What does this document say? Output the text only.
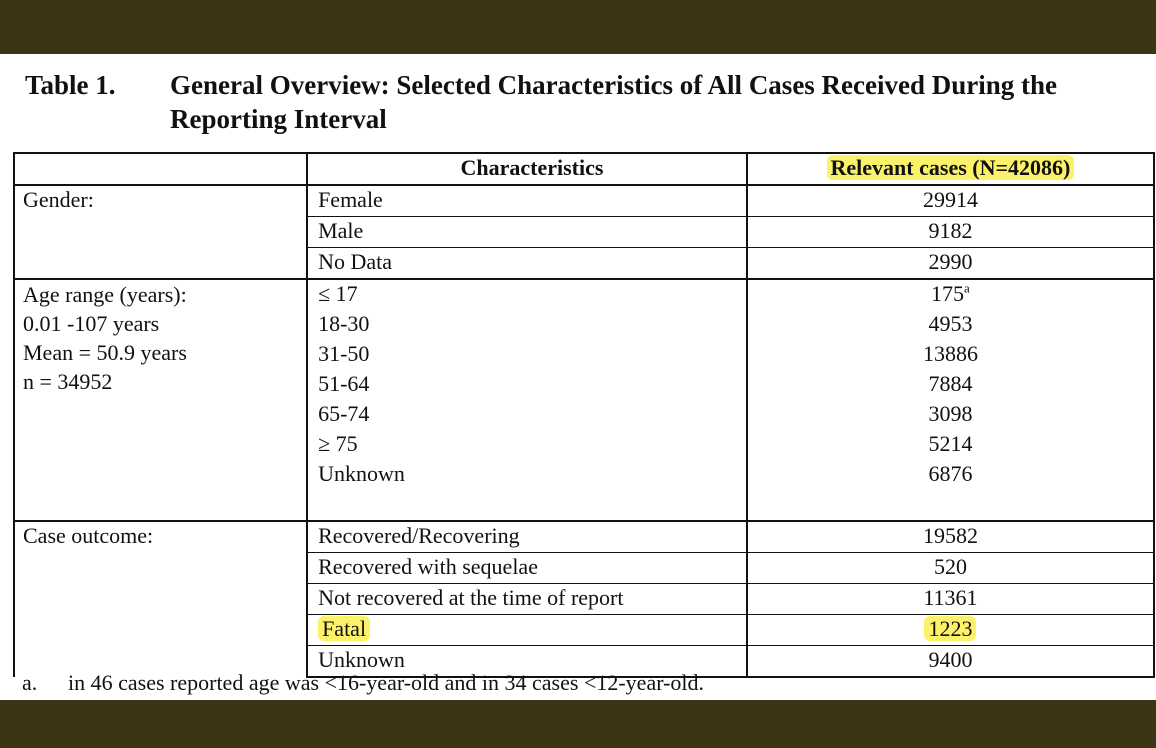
Table 1. General Overview: Selected Characteristics of All Cases Received During the Reporting Interval
	Characteristics	Relevant cases (N=42086)
Gender:	Female	29914
	Male	9182
	No Data	2990

Age range (years):
0.01 -107 years
Mean = 50.9 years
n = 34952	≤ 17	175$^a$
	18-30	4953
	31-50	13886
	51-64	7884
	65-74	3098
	≥ 75	5214
	Unknown	6876

Case outcome:	Recovered/Recovering	19582
	Recovered with sequelae	520
	Not recovered at the time of report	11361
	Fatal	1223
	Unknown	9400
a. in 46 cases reported age was <16-year-old and in 34 cases <12-year-old.
